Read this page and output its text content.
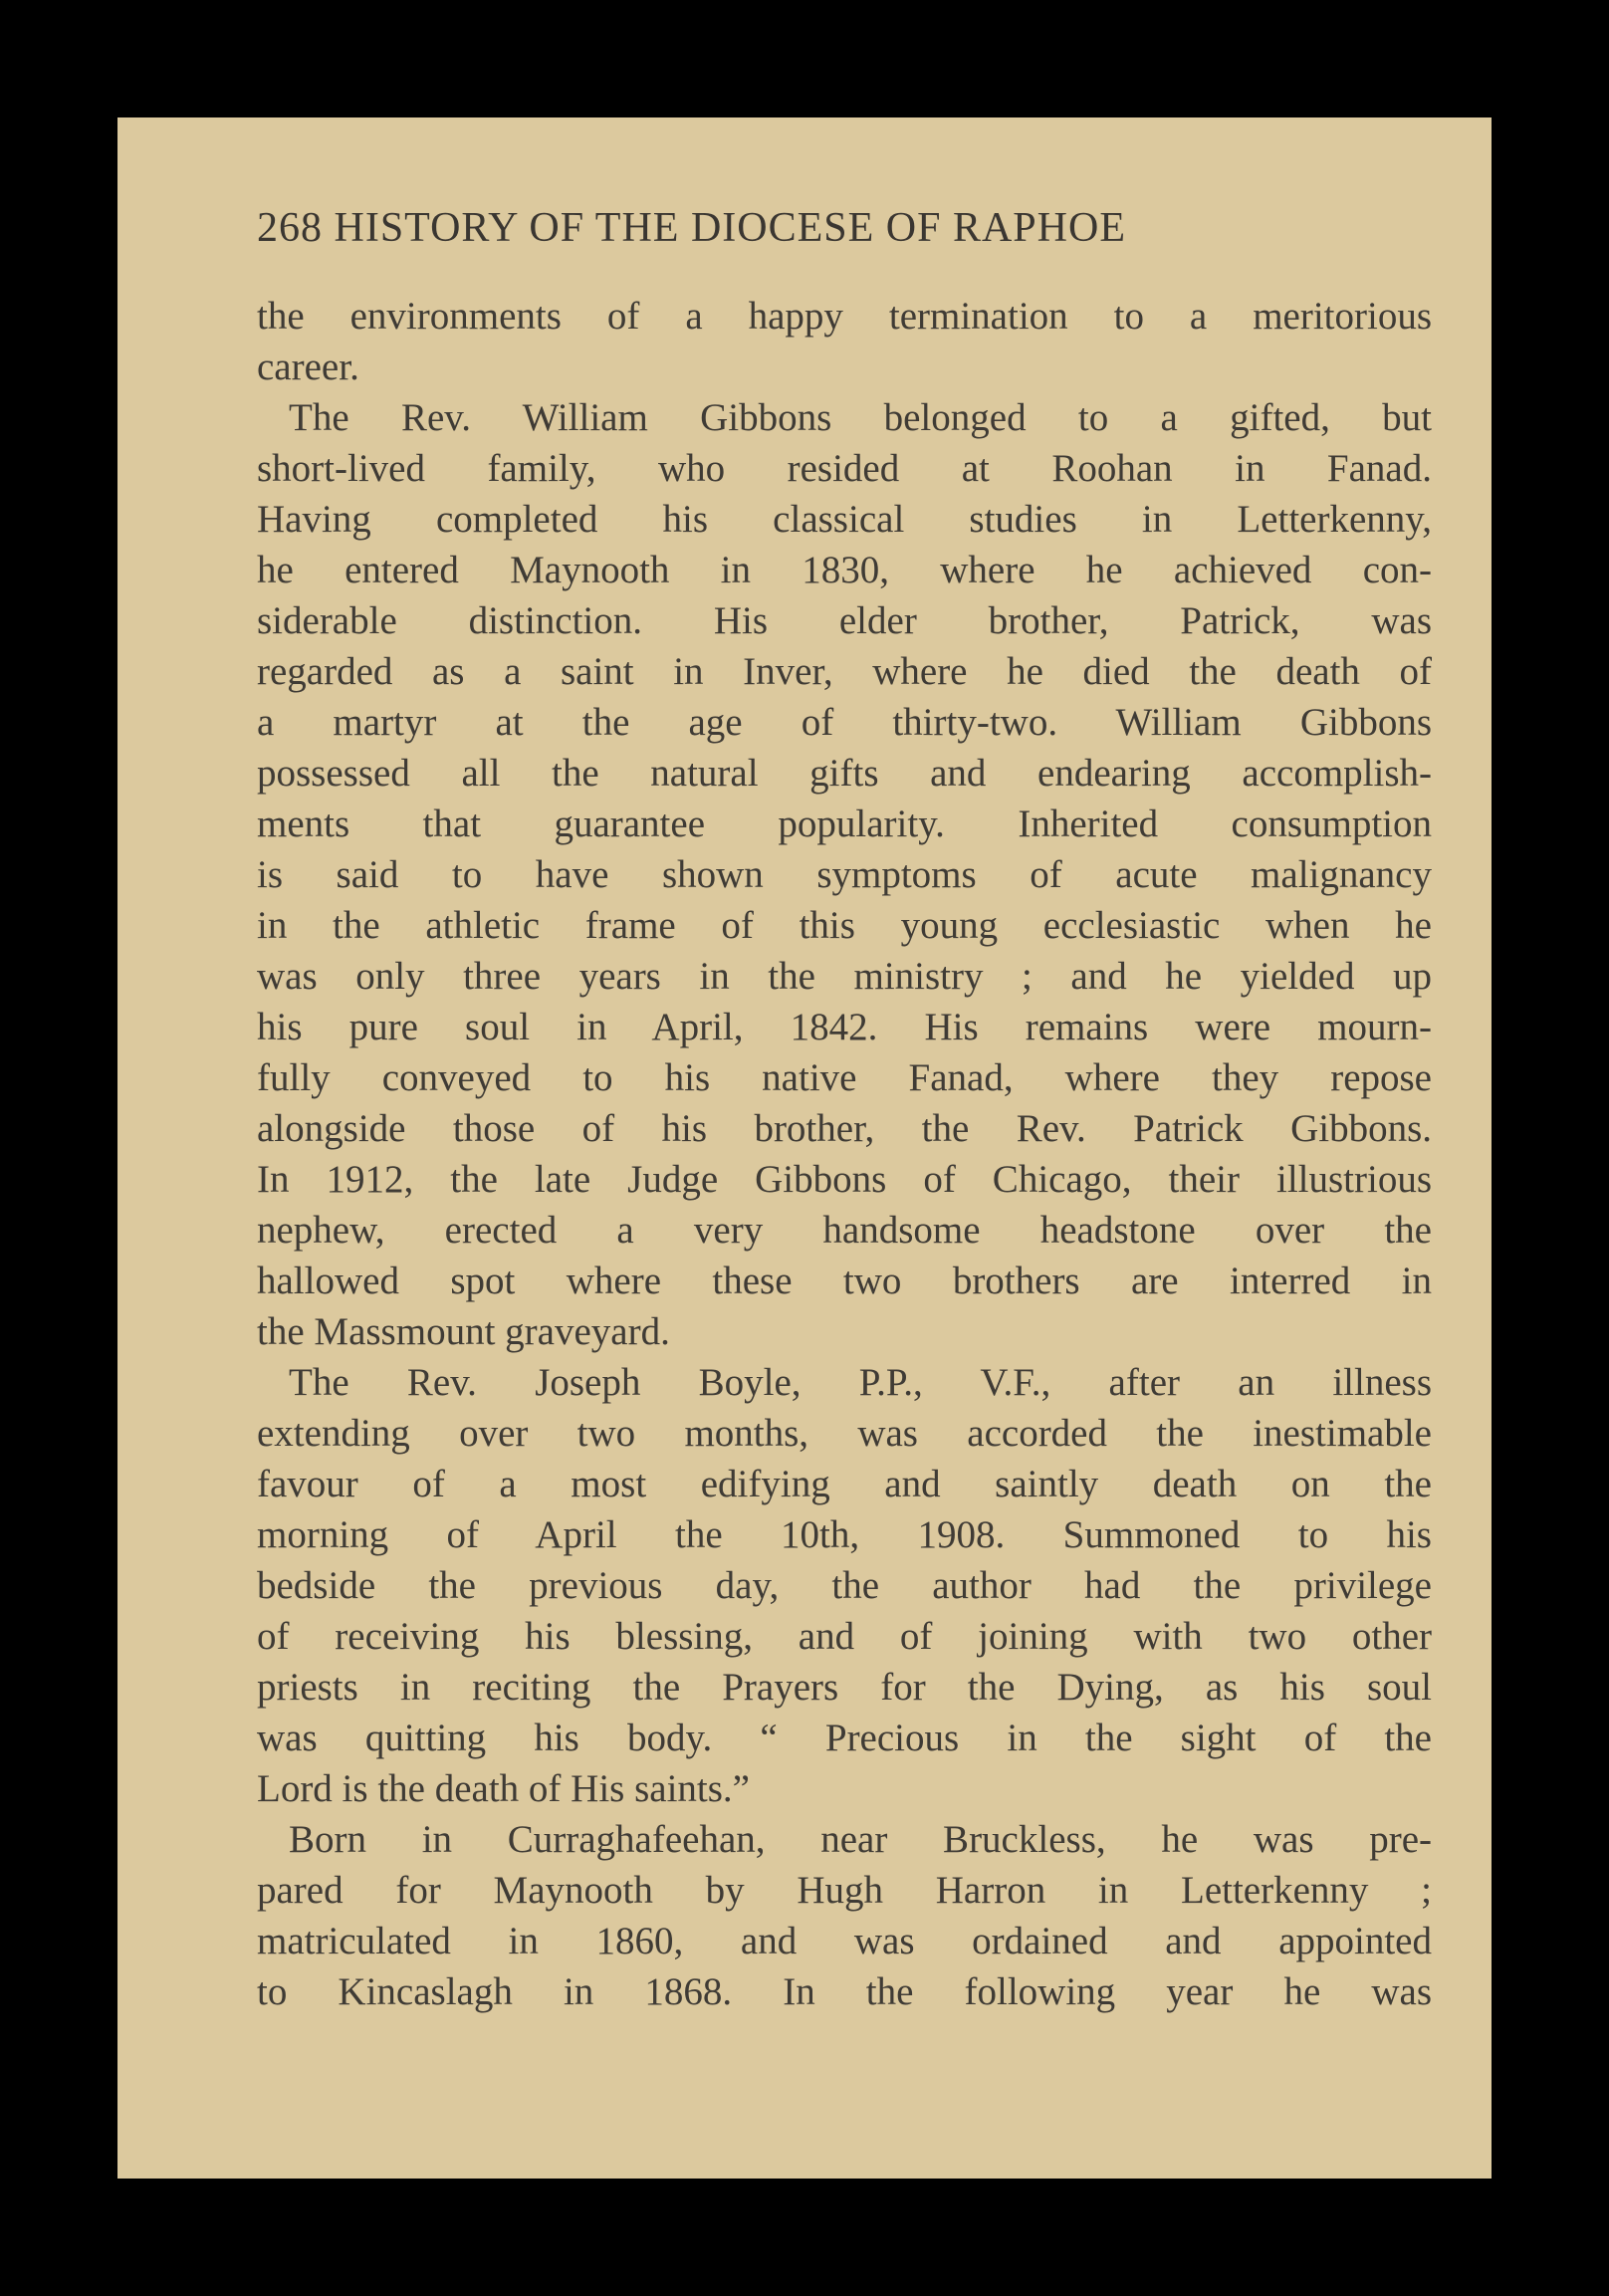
268 HISTORY OF THE DIOCESE OF RAPHOE
the environments of a happy termination to a meritorious
career.
The Rev. William Gibbons belonged to a gifted, but
short-lived family, who resided at Roohan in Fanad.
Having completed his classical studies in Letterkenny,
he entered Maynooth in 1830, where he achieved con-
siderable distinction. His elder brother, Patrick, was
regarded as a saint in Inver, where he died the death of
a martyr at the age of thirty-two. William Gibbons
possessed all the natural gifts and endearing accomplish-
ments that guarantee popularity. Inherited consumption
is said to have shown symptoms of acute malignancy
in the athletic frame of this young ecclesiastic when he
was only three years in the ministry ; and he yielded up
his pure soul in April, 1842. His remains were mourn-
fully conveyed to his native Fanad, where they repose
alongside those of his brother, the Rev. Patrick Gibbons.
In 1912, the late Judge Gibbons of Chicago, their illustrious
nephew, erected a very handsome headstone over the
hallowed spot where these two brothers are interred in
the Massmount graveyard.
The Rev. Joseph Boyle, P.P., V.F., after an illness
extending over two months, was accorded the inestimable
favour of a most edifying and saintly death on the
morning of April the 10th, 1908. Summoned to his
bedside the previous day, the author had the privilege
of receiving his blessing, and of joining with two other
priests in reciting the Prayers for the Dying, as his soul
was quitting his body. “ Precious in the sight of the
Lord is the death of His saints.”
Born in Curraghafeehan, near Bruckless, he was pre-
pared for Maynooth by Hugh Harron in Letterkenny ;
matriculated in 1860, and was ordained and appointed
to Kincaslagh in 1868. In the following year he was
